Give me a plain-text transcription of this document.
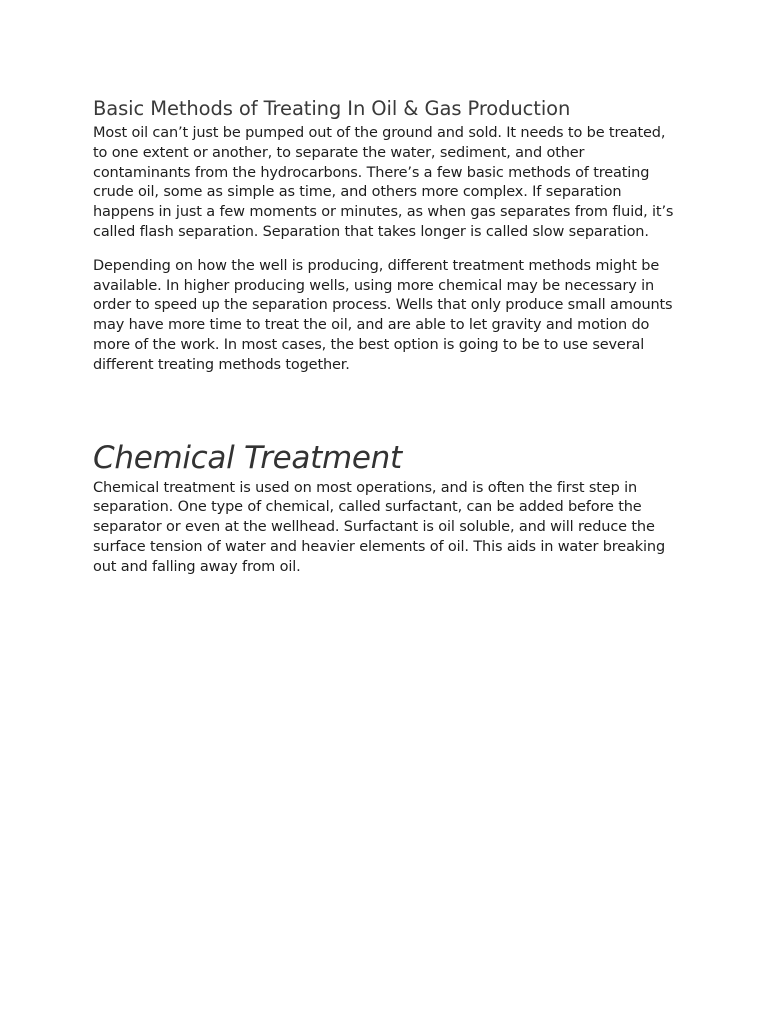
Basic Methods of Treating In Oil & Gas Production

Most oil can’t just be pumped out of the ground and sold. It needs to be treated, to one extent or another, to separate the water, sediment, and other contaminants from the hydrocarbons. There’s a few basic methods of treating crude oil, some as simple as time, and others more complex. If separation happens in just a few moments or minutes, as when gas separates from fluid, it’s called flash separation. Separation that takes longer is called slow separation.

Depending on how the well is producing, different treatment methods might be available. In higher producing wells, using more chemical may be necessary in order to speed up the separation process. Wells that only produce small amounts may have more time to treat the oil, and are able to let gravity and motion do more of the work. In most cases, the best option is going to be to use several different treating methods together.

Chemical Treatment

Chemical treatment is used on most operations, and is often the first step in separation. One type of chemical, called surfactant, can be added before the separator or even at the wellhead. Surfactant is oil soluble, and will reduce the surface tension of water and heavier elements of oil. This aids in water breaking out and falling away from oil.
